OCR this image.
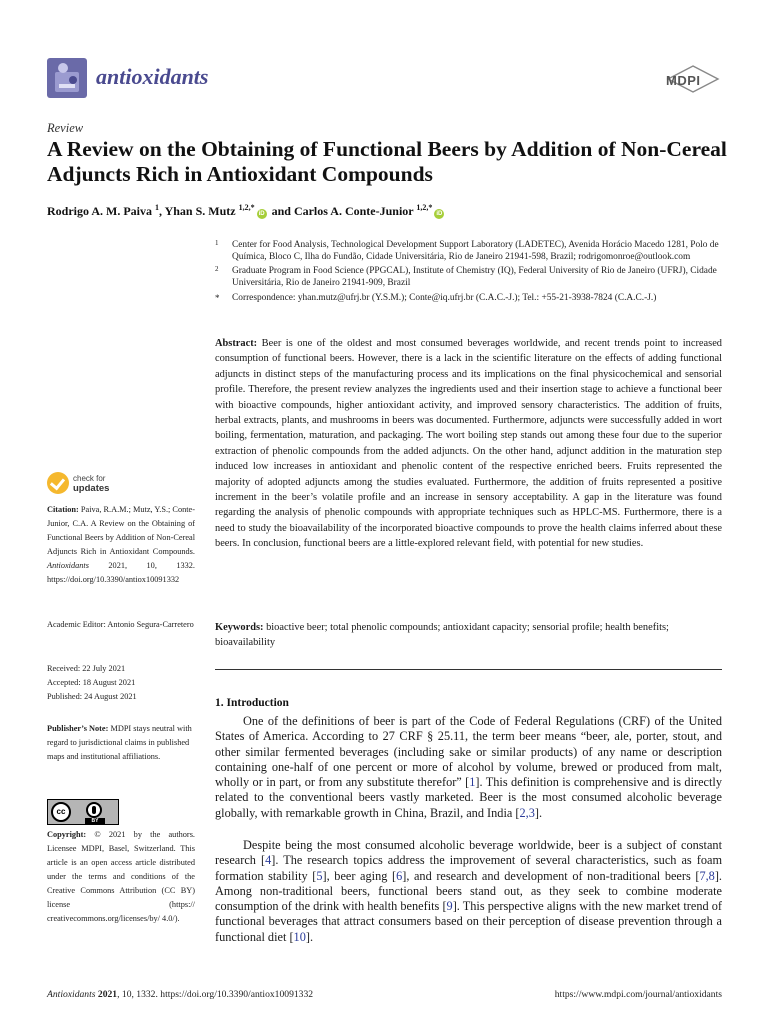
antioxidants	MDPI
Review
A Review on the Obtaining of Functional Beers by Addition of Non-Cereal Adjuncts Rich in Antioxidant Compounds
Rodrigo A. M. Paiva $^1$, Yhan S. Mutz $^{1,2,*}$iD and Carlos A. Conte-Junior $^{1,2,*}$iD
1 Center for Food Analysis, Technological Development Support Laboratory (LADETEC), Avenida Horácio Macedo 1281, Polo de Química, Bloco C, Ilha do Fundão, Cidade Universitária, Rio de Janeiro 21941-598, Brazil; rodrigomonroe@outlook.com
2 Graduate Program in Food Science (PPGCAL), Institute of Chemistry (IQ), Federal University of Rio de Janeiro (UFRJ), Cidade Universitária, Rio de Janeiro 21941-909, Brazil
* Correspondence: yhan.mutz@ufrj.br (Y.S.M.); Conte@iq.ufrj.br (C.A.C.-J.); Tel.: +55-21-3938-7824 (C.A.C.-J.)
Abstract: Beer is one of the oldest and most consumed beverages worldwide, and recent trends point to increased consumption of functional beers. However, there is a lack in the scientific literature on the effects of adding functional adjuncts in distinct steps of the manufacturing process and its implications on the final physicochemical and sensorial profile. Therefore, the present review analyzes the ingredients used and their insertion stage to achieve a functional beer with bioactive compounds, higher antioxidant activity, and improved sensory characteristics. The addition of fruits, herbal extracts, plants, and mushrooms in beers was documented. Furthermore, adjuncts were successfully added in wort boiling, fermentation, maturation, and packaging. The wort boiling step stands out among these four due to the superior extraction of phenolic compounds from the added adjuncts. On the other hand, adjunct addition in the maturation step induced low increases in antioxidant and phenolic content of the respective enriched beers. Fruits represented the majority of adopted adjuncts among the studies evaluated. Furthermore, the addition of fruits represented a positive increment in the beer’s volatile profile and an increase in sensory acceptability. A gap in the literature was found regarding the analysis of phenolic compounds with appropriate techniques such as HPLC-MS. Furthermore, there is a need to study the bioavailability of the incorporated bioactive compounds to prove the health claims inferred about these beers. In conclusion, functional beers are a little-explored relevant field, with potential for new studies.
Keywords: bioactive beer; total phenolic compounds; antioxidant capacity; sensorial profile; health benefits; bioavailability
check for
updates
Citation: Paiva, R.A.M.; Mutz, Y.S.; Conte-Junior, C.A. A Review on the Obtaining of Functional Beers by Addition of Non-Cereal Adjuncts Rich in Antioxidant Compounds. Antioxidants 2021, 10, 1332. https://doi.org/10.3390/antiox10091332
Academic Editor: Antonio Segura-Carretero
Received: 22 July 2021
Accepted: 18 August 2021
Published: 24 August 2021
Publisher’s Note: MDPI stays neutral with regard to jurisdictional claims in published maps and institutional affiliations.
cc
BY
Copyright: © 2021 by the authors. Licensee MDPI, Basel, Switzerland. This article is an open access article distributed under the terms and conditions of the Creative Commons Attribution (CC BY) license (https:// creativecommons.org/licenses/by/ 4.0/).
1. Introduction

One of the definitions of beer is part of the Code of Federal Regulations (CRF) of the United States of America. According to 27 CRF § 25.11, the term beer means “beer, ale, porter, stout, and other similar fermented beverages (including sake or similar products) of any name or description containing one-half of one percent or more of alcohol by volume, brewed or produced from malt, wholly or in part, or from any substitute therefor” [1]. This definition is comprehensive and is directly related to the conventional beers vastly marketed. Beer is the most consumed alcoholic beverage globally, with remarkable growth in China, Brazil, and India [2,3].

Despite being the most consumed alcoholic beverage worldwide, beer is a subject of constant research [4]. The research topics address the improvement of several characteristics, such as foam formation stability [5], beer aging [6], and research and development of non-traditional beers [7,8]. Among non-traditional beers, functional beers stand out, as they seek to combine moderate consumption of the drink with health benefits [9]. This perspective aligns with the new market trend of functional beverages that attract consumers based on their perception of disease prevention through a functional diet [10].

Antioxidants 2021, 10, 1332. https://doi.org/10.3390/antiox10091332	https://www.mdpi.com/journal/antioxidants
